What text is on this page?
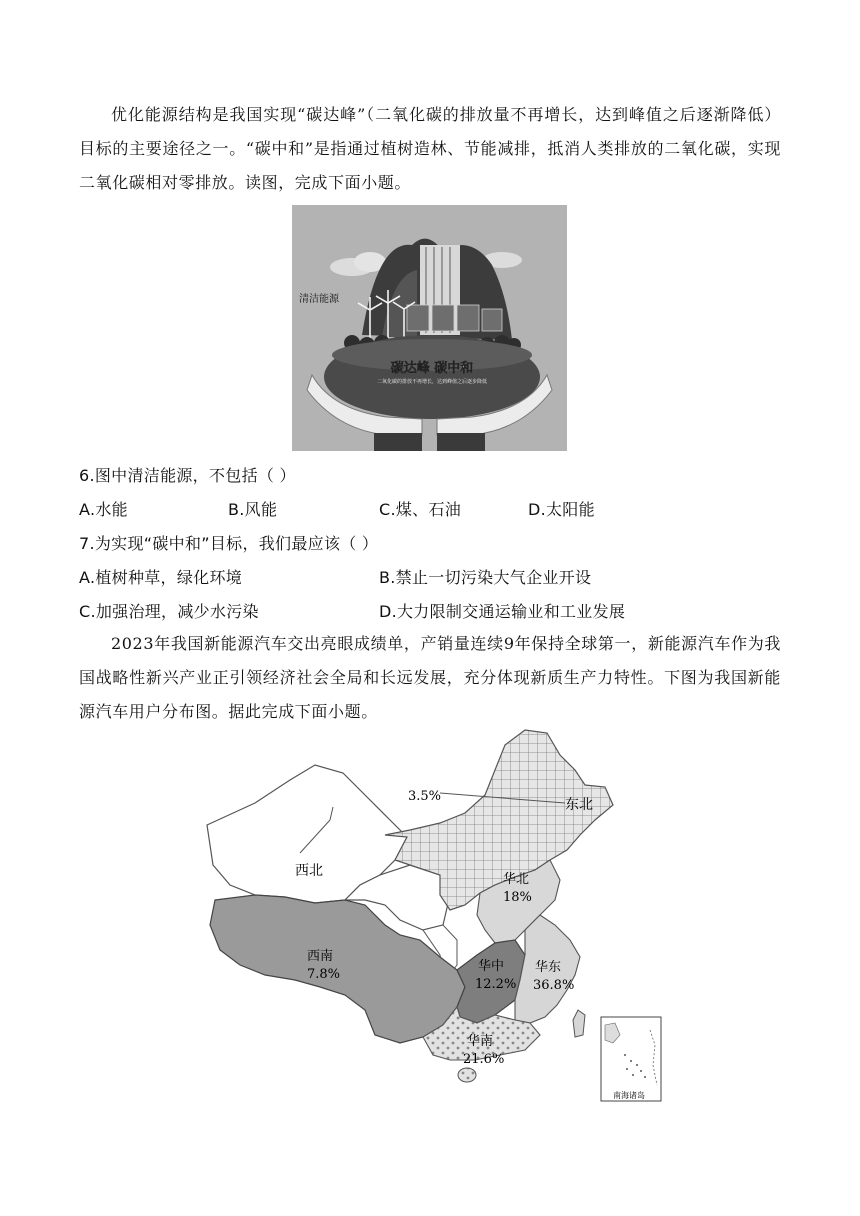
优化能源结构是我国实现“碳达峰”（二氧化碳的排放量不再增长，达到峰值之后逐渐降低）目标的主要途径之一。“碳中和”是指通过植树造林、节能减排，抵消人类排放的二氧化碳，实现二氧化碳相对零排放。读图，完成下面小题。

碳达峰 碳中和
二氧化碳的排放不再增长，达到峰值之后逐步降低
清洁能源

6.图中清洁能源，不包括（ ）

A.水能	B.风能	C.煤、石油	D.太阳能

7.为实现“碳中和”目标，我们最应该（ ）

A.植树种草，绿化环境	B.禁止一切污染大气企业开设

C.加强治理，减少水污染	D.大力限制交通运输业和工业发展

2023年我国新能源汽车交出亮眼成绩单，产销量连续9年保持全球第一，新能源汽车作为我国战略性新兴产业正引领经济社会全局和长远发展，充分体现新质生产力特性。下图为我国新能源汽车用户分布图。据此完成下面小题。

3.5%
西北
东北
华北
18%
西南
7.8%
华中
12.2%
华东
36.8%
华南
21.6%
南海诸岛
